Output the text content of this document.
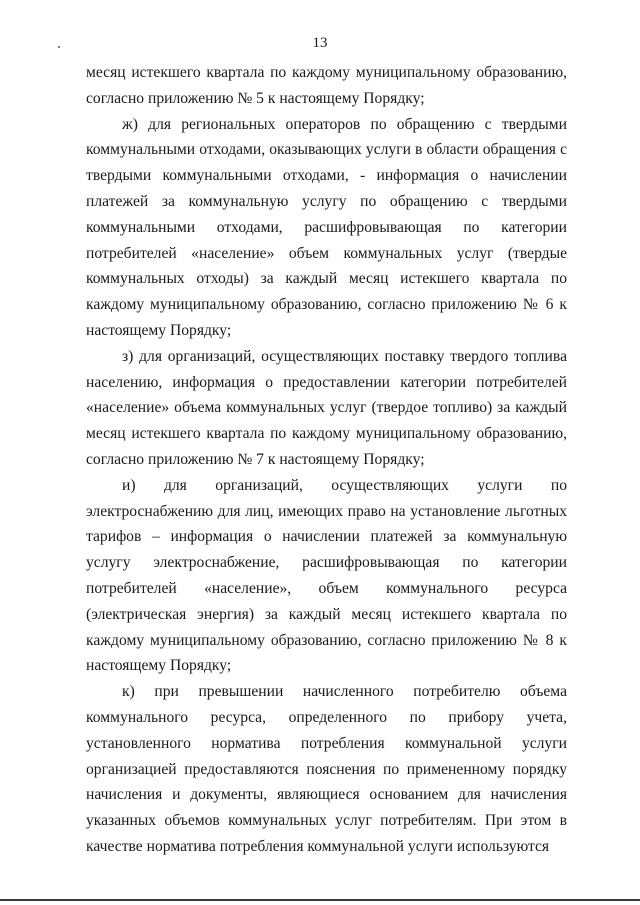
13

месяц истекшего квартала по каждому муниципальному образованию, согласно приложению № 5 к настоящему Порядку;

ж) для региональных операторов по обращению с твердыми коммунальными отходами, оказывающих услуги в области обращения с твердыми коммунальными отходами, - информация о начислении платежей за коммунальную услугу по обращению с твердыми коммунальными отходами, расшифровывающая по категории потребителей «население» объем коммунальных услуг (твердые коммунальных отходы) за каждый месяц истекшего квартала по каждому муниципальному образованию, согласно приложению № 6 к настоящему Порядку;

з) для организаций, осуществляющих поставку твердого топлива населению, информация о предоставлении категории потребителей «население» объема коммунальных услуг (твердое топливо) за каждый месяц истекшего квартала по каждому муниципальному образованию, согласно приложению № 7 к настоящему Порядку;

и) для организаций, осуществляющих услуги по электроснабжению для лиц, имеющих право на установление льготных тарифов – информация о начислении платежей за коммунальную услугу электроснабжение, расшифровывающая по категории потребителей «население», объем коммунального ресурса (электрическая энергия) за каждый месяц истекшего квартала по каждому муниципальному образованию, согласно приложению № 8 к настоящему Порядку;

к) при превышении начисленного потребителю объема коммунального ресурса, определенного по прибору учета, установленного норматива потребления коммунальной услуги организацией предоставляются пояснения по примененному порядку начисления и документы, являющиеся основанием для начисления указанных объемов коммунальных услуг потребителям. При этом в качестве норматива потребления коммунальной услуги используются
